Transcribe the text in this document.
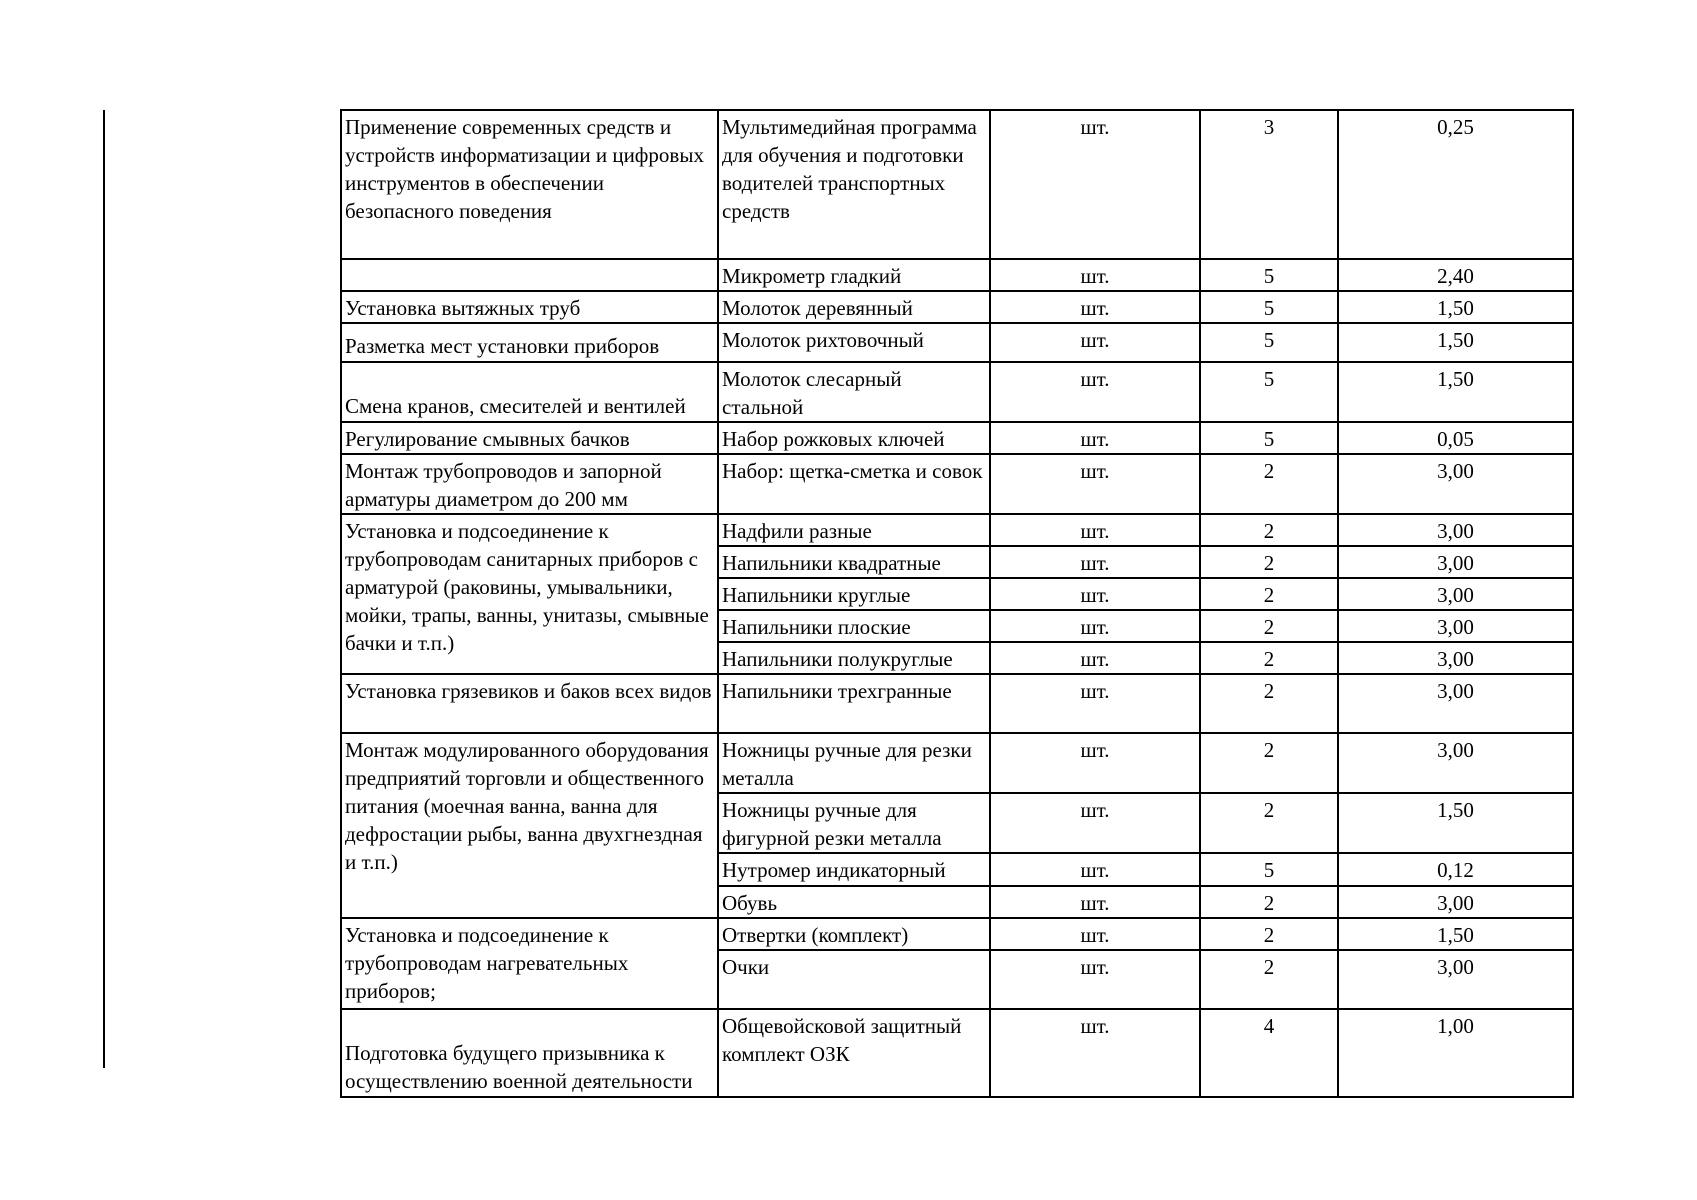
Применение современных средств и устройств информатизации и цифровых инструментов в обеспечении безопасного поведения	Мультимедийная программа для обучения и подготовки водителей транспортных средств	шт.	3	0,25
	Микрометр гладкий	шт.	5	2,40
Установка вытяжных труб	Молоток деревянный	шт.	5	1,50
Разметка мест установки приборов	Молоток рихтовочный	шт.	5	1,50
Смена кранов, смесителей и вентилей	Молоток слесарный стальной	шт.	5	1,50
Регулирование смывных бачков	Набор рожковых ключей	шт.	5	0,05
Монтаж трубопроводов и запорной арматуры диаметром до 200 мм	Набор: щетка-сметка и совок	шт.	2	3,00
Установка и подсоединение к трубопроводам санитарных приборов с арматурой (раковины, умывальники, мойки, трапы, ванны, унитазы, смывные бачки и т.п.)	Надфили разные	шт.	2	3,00
	Напильники квадратные	шт.	2	3,00
	Напильники круглые	шт.	2	3,00
	Напильники плоские	шт.	2	3,00
	Напильники полукруглые	шт.	2	3,00
Установка грязевиков и баков всех видов	Напильники трехгранные	шт.	2	3,00
Монтаж модулированного оборудования предприятий торговли и общественного питания (моечная ванна, ванна для дефростации рыбы, ванна двухгнездная и т.п.)	Ножницы ручные для резки металла	шт.	2	3,00
	Ножницы ручные для фигурной резки металла	шт.	2	1,50
	Нутромер индикаторный	шт.	5	0,12
	Обувь	шт.	2	3,00
Установка и подсоединение к трубопроводам нагревательных приборов;	Отвертки (комплект)	шт.	2	1,50
	Очки	шт.	2	3,00
Подготовка будущего призывника к осуществлению военной деятельности	Общевойсковой защитный комплект ОЗК	шт.	4	1,00
